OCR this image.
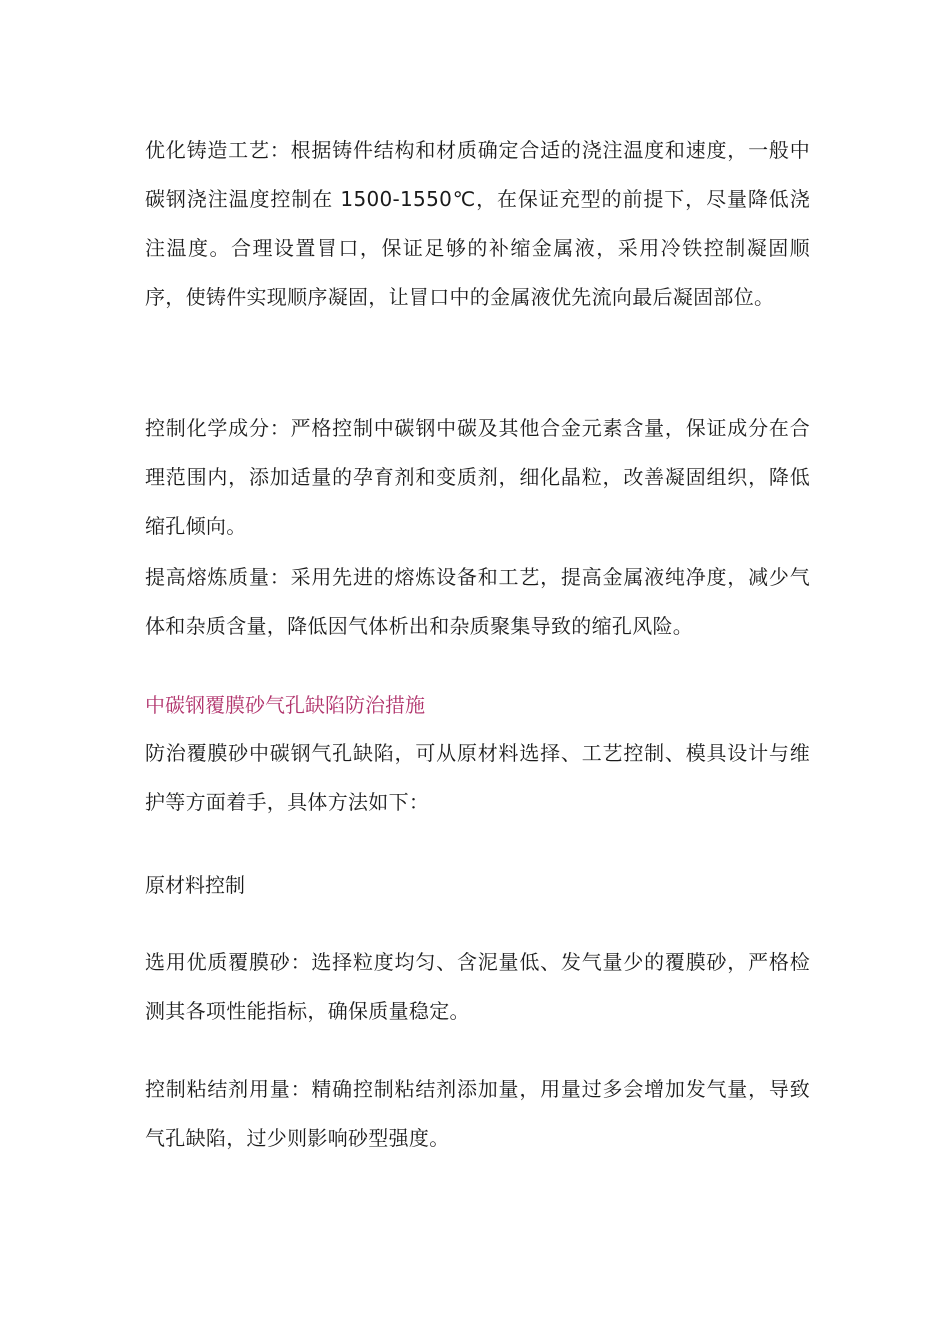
优化铸造工艺：根据铸件结构和材质确定合适的浇注温度和速度，一般中碳钢浇注温度控制在 1500-1550℃，在保证充型的前提下，尽量降低浇注温度。合理设置冒口，保证足够的补缩金属液，采用冷铁控制凝固顺序，使铸件实现顺序凝固，让冒口中的金属液优先流向最后凝固部位。

控制化学成分：严格控制中碳钢中碳及其他合金元素含量，保证成分在合理范围内，添加适量的孕育剂和变质剂，细化晶粒，改善凝固组织，降低缩孔倾向。

提高熔炼质量：采用先进的熔炼设备和工艺，提高金属液纯净度，减少气体和杂质含量，降低因气体析出和杂质聚集导致的缩孔风险。

中碳钢覆膜砂气孔缺陷防治措施

防治覆膜砂中碳钢气孔缺陷，可从原材料选择、工艺控制、模具设计与维护等方面着手，具体方法如下：

原材料控制

选用优质覆膜砂：选择粒度均匀、含泥量低、发气量少的覆膜砂，严格检测其各项性能指标，确保质量稳定。

控制粘结剂用量：精确控制粘结剂添加量，用量过多会增加发气量，导致气孔缺陷，过少则影响砂型强度。
